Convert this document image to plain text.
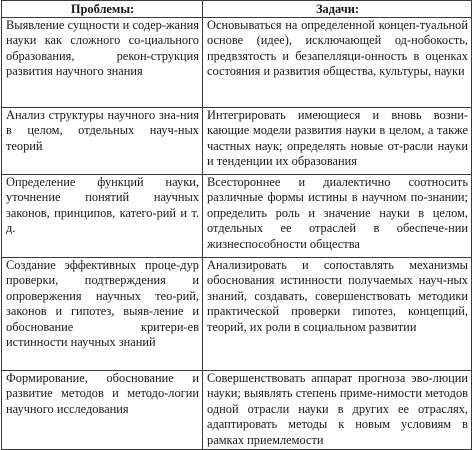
Проблемы:	Задачи:

Выявление сущности и содер-жания науки как сложного со-циального образования, рекон-струкция развития научного знания	Основываться на определенной концеп-туальной основе (идее), исключающей од-нобокость, предвзятость и безапелляци-онность в оценках состояния и развития общества, культуры, науки

Анализ структуры научного зна-ния в целом, отдельных науч-ных теорий	Интегрировать имеющиеся и вновь возни-кающие модели развития науки в целом, а также частных наук; определять новые от-расли науки и тенденции их образования

Определение функций науки, уточнение понятий научных законов, принципов, катего-рий и т. д.	Всестороннее и диалектично соотносить различные формы истины в научном по-знании; определить роль и значение науки в целом, отдельных ее отраслей в обеспече-нии жизнеспособности общества

Создание эффективных проце-дур проверки, подтверждения и опровержения научных тео-рий, законов и гипотез, выяв-ление и обоснование критери-ев истинности научных знаний	Анализировать и сопоставлять механизмы обоснования истинности получаемых науч-ных знаний, создавать, совершенствовать методики практической проверки гипотез, концепций, теорий, их роли в социальном развитии

Формирование, обоснование и развитие методов и методо-логии научного исследования	Совершенствовать аппарат прогноза эво-люции науки; выявлять степень приме-нимости методов одной отрасли науки в других ее отраслях, адаптировать методы к новым условиям в рамках приемлемости
